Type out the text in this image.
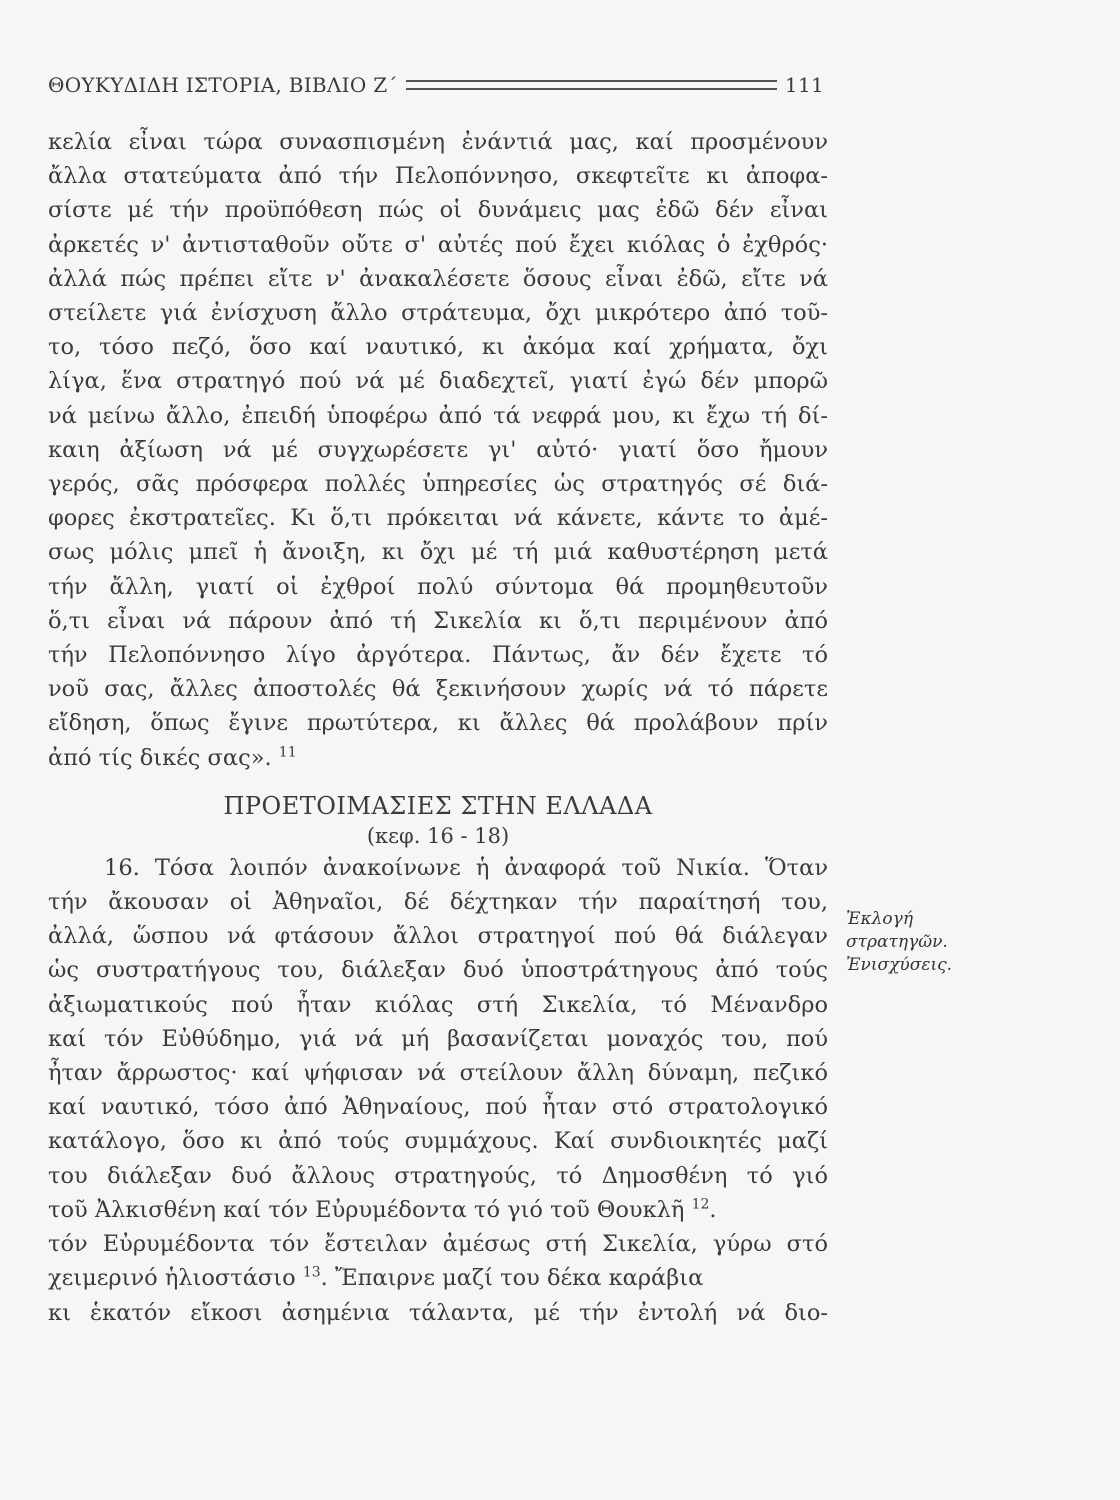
ΘΟΥΚΥΔΙΔΗ ΙΣΤΟΡΙΑ, ΒΙΒΛΙΟ Ζ΄	111

κελία εἶναι τώρα συνασπισμένη ἐνάντιά μας, καί προσμένουν
ἄλλα στατεύματα ἀπό τήν Πελοπόννησο, σκεφτεῖτε κι ἀποφα-
σίστε μέ τήν προϋπόθεση πώς οἱ δυνάμεις μας ἐδῶ δέν εἶναι
ἀρκετές ν' ἀντισταθοῦν οὔτε σ' αὐτές πού ἔχει κιόλας ὁ ἐχθρός·
ἀλλά πώς πρέπει εἴτε ν' ἀνακαλέσετε ὅσους εἶναι ἐδῶ, εἴτε νά
στείλετε γιά ἐνίσχυση ἄλλο στράτευμα, ὄχι μικρότερο ἀπό τοῦ-
το, τόσο πεζό, ὅσο καί ναυτικό, κι ἀκόμα καί χρήματα, ὄχι
λίγα, ἕνα στρατηγό πού νά μέ διαδεχτεῖ, γιατί ἐγώ δέν μπορῶ
νά μείνω ἄλλο, ἐπειδή ὑποφέρω ἀπό τά νεφρά μου, κι ἔχω τή δί-
καιη ἀξίωση νά μέ συγχωρέσετε γι' αὐτό· γιατί ὅσο ἤμουν
γερός, σᾶς πρόσφερα πολλές ὑπηρεσίες ὡς στρατηγός σέ διά-
φορες ἐκστρατεῖες. Κι ὅ,τι πρόκειται νά κάνετε, κάντε το ἀμέ-
σως μόλις μπεῖ ἡ ἄνοιξη, κι ὄχι μέ τή μιά καθυστέρηση μετά
τήν ἄλλη, γιατί οἱ ἐχθροί πολύ σύντομα θά προμηθευτοῦν
ὅ,τι εἶναι νά πάρουν ἀπό τή Σικελία κι ὅ,τι περιμένουν ἀπό
τήν Πελοπόννησο λίγο ἀργότερα. Πάντως, ἄν δέν ἔχετε τό
νοῦ σας, ἄλλες ἀποστολές θά ξεκινήσουν χωρίς νά τό πάρετε
εἴδηση, ὅπως ἔγινε πρωτύτερα, κι ἄλλες θά προλάβουν πρίν
ἀπό τίς δικές σας». $^{11}$

ΠΡΟΕΤΟΙΜΑΣΙΕΣ ΣΤΗΝ ΕΛΛΑΔΑ
(κεφ. 16 - 18)

16. Τόσα λοιπόν ἀνακοίνωνε ἡ ἀναφορά τοῦ Νικία. Ὅταν
τήν ἄκουσαν οἱ Ἀθηναῖοι, δέ δέχτηκαν τήν παραίτησή του,
ἀλλά, ὥσπου νά φτάσουν ἄλλοι στρατηγοί πού θά διάλεγαν
ὡς συστρατήγους του, διάλεξαν δυό ὑποστράτηγους ἀπό τούς
ἀξιωματικούς πού ἦταν κιόλας στή Σικελία, τό Μένανδρο
καί τόν Εὐθύδημο, γιά νά μή βασανίζεται μοναχός του, πού
ἦταν ἄρρωστος· καί ψήφισαν νά στείλουν ἄλλη δύναμη, πεζικό
καί ναυτικό, τόσο ἀπό Ἀθηναίους, πού ἦταν στό στρατολογικό
κατάλογο, ὅσο κι ἀπό τούς συμμάχους. Καί συνδιοικητές μαζί
του διάλεξαν δυό ἄλλους στρατηγούς, τό Δημοσθένη τό γιό
τοῦ Ἀλκισθένη καί τόν Εὐρυμέδοντα τό γιό τοῦ Θουκλῆ $^{12}$.
τόν Εὐρυμέδοντα τόν ἔστειλαν ἀμέσως στή Σικελία, γύρω στό
χειμερινό ἡλιοστάσιο $^{13}$. Ἔπαιρνε μαζί του δέκα καράβια
κι ἑκατόν εἴκοσι ἀσημένια τάλαντα, μέ τήν ἐντολή νά διο-

Ἐκλογή
στρατηγῶν.
Ἐνισχύσεις.
